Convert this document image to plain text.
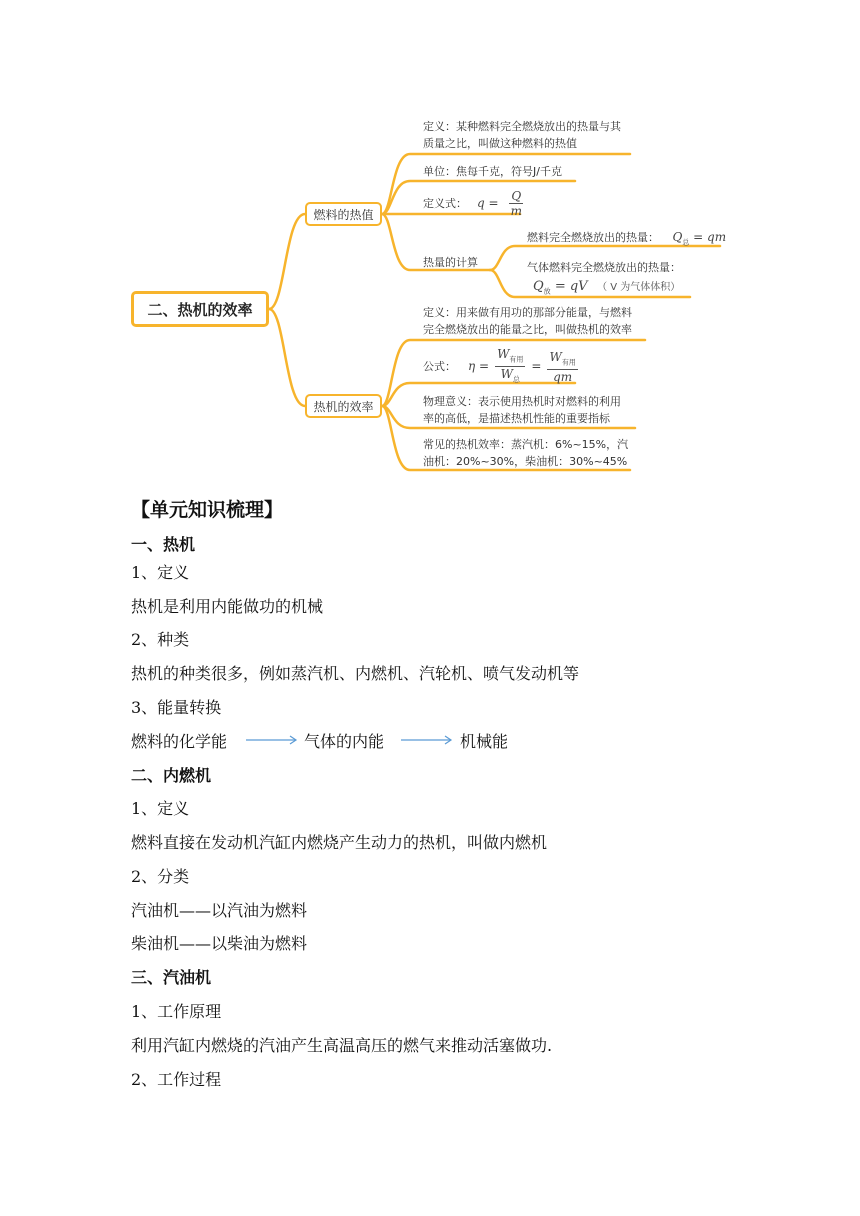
二、热机的效率
燃料的热值
热机的效率
定义：某种燃料完全燃烧放出的热量与其
质量之比，叫做这种燃料的热值
单位：焦每千克，符号J/千克
定义式： $q = \frac{Q}{m}$
热量的计算
燃料完全燃烧放出的热量： $Q_总$ = qm
气体燃料完全燃烧放出的热量：
$Q_放$ = qV （ V 为气体体积）
定义：用来做有用功的那部分能量，与燃料
完全燃烧放出的能量之比，叫做热机的效率
公式： $\eta = \frac{W_{有用}}{W_总} = \frac{W_{有用}}{qm}$
物理意义：表示使用热机时对燃料的利用
率的高低，是描述热机性能的重要指标
常见的热机效率：蒸汽机：6%~15%，汽
油机：20%~30%，柴油机：30%~45%
【单元知识梳理】
一、热机
1、定义
热机是利用内能做功的机械
2、种类
热机的种类很多，例如蒸汽机、内燃机、汽轮机、喷气发动机等
3、能量转换
燃料的化学能	气体的内能	机械能
二、内燃机
1、定义
燃料直接在发动机汽缸内燃烧产生动力的热机，叫做内燃机
2、分类
汽油机——以汽油为燃料
柴油机——以柴油为燃料
三、汽油机
1、工作原理
利用汽缸内燃烧的汽油产生高温高压的燃气来推动活塞做功.
2、工作过程
